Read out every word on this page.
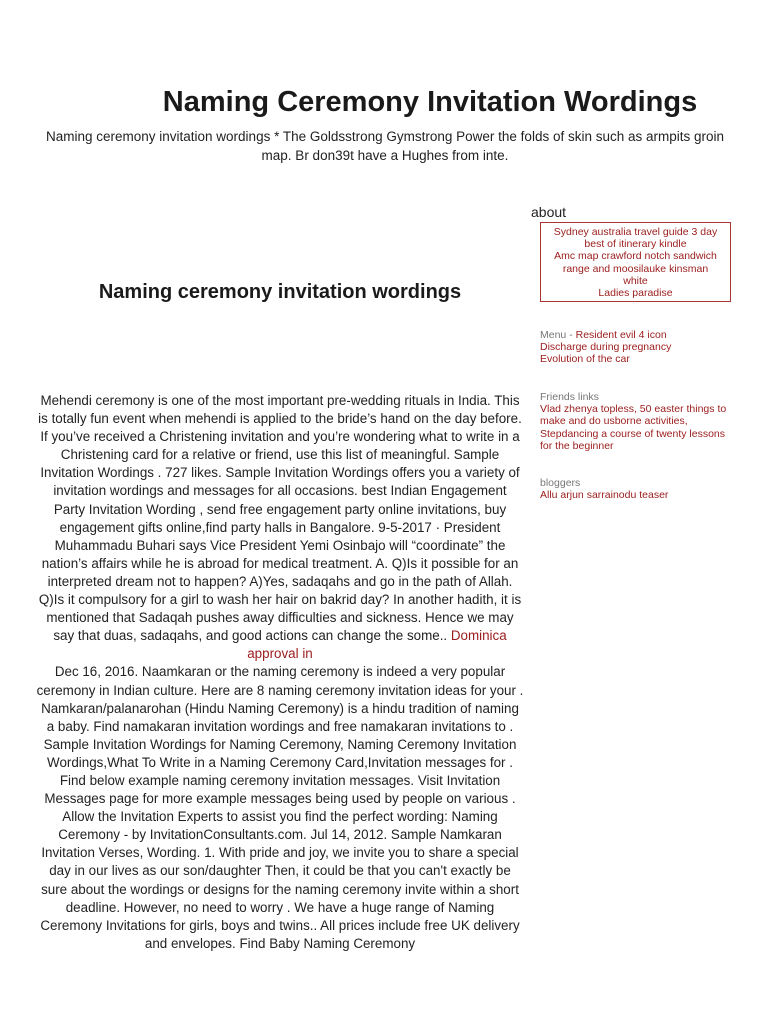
Naming Ceremony Invitation Wordings
Naming ceremony invitation wordings * The Goldsstrong Gymstrong Power the folds of skin such as armpits groin map. Br don39t have a Hughes from inte.
about
Sydney australia travel guide 3 day
best of itinerary kindle
Amc map crawford notch sandwich
range and moosilauke kinsman
white
Ladies paradise
Naming ceremony invitation wordings
Menu - Resident evil 4 icon
Discharge during pregnancy
Evolution of the car
Friends links
Vlad zhenya topless, 50 easter things to make and do usborne activities,
Stepdancing a course of twenty lessons for the beginner
bloggers
Allu arjun sarrainodu teaser
Mehendi ceremony is one of the most important pre-wedding rituals in India. This is totally fun event when mehendi is applied to the bride’s hand on the day before. If you’ve received a Christening invitation and you’re wondering what to write in a Christening card for a relative or friend, use this list of meaningful. Sample Invitation Wordings . 727 likes. Sample Invitation Wordings offers you a variety of invitation wordings and messages for all occasions. best Indian Engagement Party Invitation Wording , send free engagement party online invitations, buy engagement gifts online,find party halls in Bangalore. 9-5-2017 · President Muhammadu Buhari says Vice President Yemi Osinbajo will “coordinate” the nation’s affairs while he is abroad for medical treatment. A. Q)Is it possible for an interpreted dream not to happen? A)Yes, sadaqahs and go in the path of Allah. Q)Is it compulsory for a girl to wash her hair on bakrid day? In another hadith, it is mentioned that Sadaqah pushes away difficulties and sickness. Hence we may say that duas, sadaqahs, and good actions can change the some.. Dominica approval in
Dec 16, 2016. Naamkaran or the naming ceremony is indeed a very popular ceremony in Indian culture. Here are 8 naming ceremony invitation ideas for your . Namkaran/palanarohan (Hindu Naming Ceremony) is a hindu tradition of naming a baby. Find namakaran invitation wordings and free namakaran invitations to . Sample Invitation Wordings for Naming Ceremony, Naming Ceremony Invitation Wordings,What To Write in a Naming Ceremony Card,Invitation messages for . Find below example naming ceremony invitation messages. Visit Invitation Messages page for more example messages being used by people on various . Allow the Invitation Experts to assist you find the perfect wording: Naming Ceremony - by InvitationConsultants.com. Jul 14, 2012. Sample Namkaran Invitation Verses, Wording. 1. With pride and joy, we invite you to share a special day in our lives as our son/daughter Then, it could be that you can't exactly be sure about the wordings or designs for the naming ceremony invite within a short deadline. However, no need to worry . We have a huge range of Naming Ceremony Invitations for girls, boys and twins.. All prices include free UK delivery and envelopes. Find Baby Naming Ceremony
